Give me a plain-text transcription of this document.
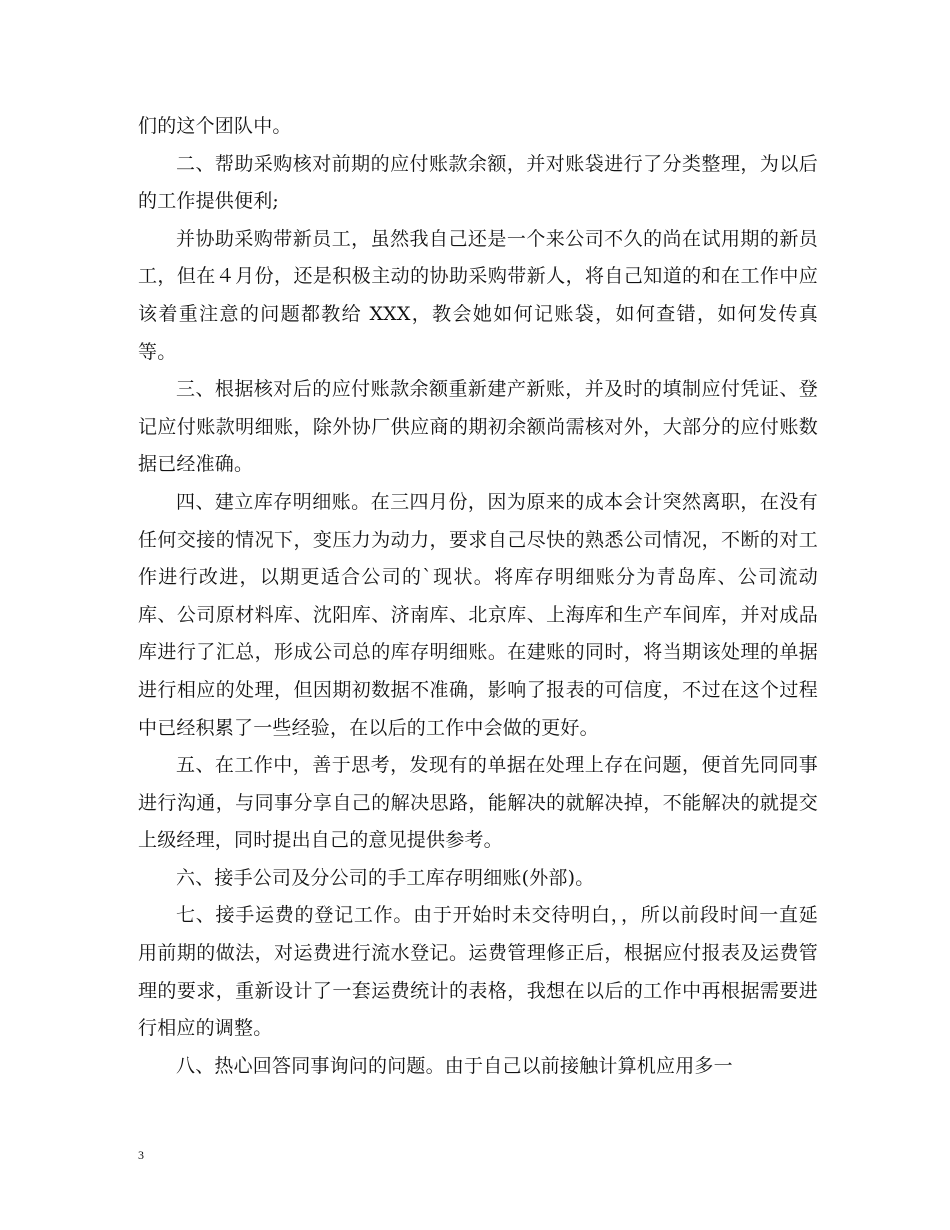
们的这个团队中。

二、帮助采购核对前期的应付账款余额，并对账袋进行了分类整理，为以后的工作提供便利;

并协助采购带新员工，虽然我自己还是一个来公司不久的尚在试用期的新员工，但在４月份，还是积极主动的协助采购带新人，将自己知道的和在工作中应该着重注意的问题都教给 XXX，教会她如何记账袋，如何查错，如何发传真等。

三、根据核对后的应付账款余额重新建产新账，并及时的填制应付凭证、登记应付账款明细账，除外协厂供应商的期初余额尚需核对外，大部分的应付账数据已经准确。

四、建立库存明细账。在三四月份，因为原来的成本会计突然离职，在没有任何交接的情况下，变压力为动力，要求自己尽快的熟悉公司情况，不断的对工作进行改进，以期更适合公司的`现状。将库存明细账分为青岛库、公司流动库、公司原材料库、沈阳库、济南库、北京库、上海库和生产车间库，并对成品库进行了汇总，形成公司总的库存明细账。在建账的同时，将当期该处理的单据进行相应的处理，但因期初数据不准确，影响了报表的可信度，不过在这个过程中已经积累了一些经验，在以后的工作中会做的更好。

五、在工作中，善于思考，发现有的单据在处理上存在问题，便首先同同事进行沟通，与同事分享自己的解决思路，能解决的就解决掉，不能解决的就提交上级经理，同时提出自己的意见提供参考。

六、接手公司及分公司的手工库存明细账(外部)。

七、接手运费的登记工作。由于开始时未交待明白，，所以前段时间一直延用前期的做法，对运费进行流水登记。运费管理修正后，根据应付报表及运费管理的要求，重新设计了一套运费统计的表格，我想在以后的工作中再根据需要进行相应的调整。

八、热心回答同事询问的问题。由于自己以前接触计算机应用多一

3
